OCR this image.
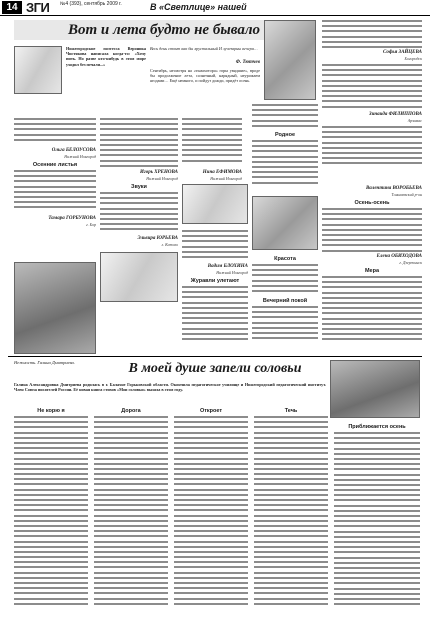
14 ЗГИ №4 (393), сентябрь 2009 г.	В «Светлице» нашей
Вот и лета будто не бывало
Нижегородские поэтесса Вероника Чистякова написала когда-то: «Хочу пить. Но разве кто-нибудь в этом мире уходил без печали...»
Весь день стоит как бы хрустальный И лучезарны вечера…
Ф. Тютчев
Сентябрь, несмотря на «тьмахотора» горы увядшие», вроде бы продолжение лета, солнечный, нарядный, неурожаем ягодами… Ещё немного, и пойдут дожди, придёт осень.
Софья ЗАЙЦЕВА
Богородск
Зинаида ФИЛИППОВА
Арзамас
Валентина ВОРОБЬЕВА
Тоншаевский р-он
Осень-осень
Елена ОБИХОДОВА
г. Дзержинск
Мера
Ольга БЕЛОУСОВА
Нижний Новгород
Осенние листья
Тамара ГОРБУНОВА
г. Бор
Игорь ХРЕНОВА
Нижний Новгород
Звуки
Эльвира ЮРЬЕВА
г. Кстово
Нина ЕФИМОВА
Нижний Новгород
Вадим БЛОХИНА
Нижний Новгород
Журавли улетают
Родное
Красота
Вечерний покой
Нежность. Галина Дмитриева.	В моей душе запели соловьи
Галина Александровна Дмитриева родилась в г. Балахне Горьковской области. Окончила педагогическое училище и Нижегородский педагогический институт. Член Союза писателей России. Её новая книга стихов «Мои соловьи» вышла в этом году.
Не корю я	Дорога	Откроет	Течь
Приближается осень
